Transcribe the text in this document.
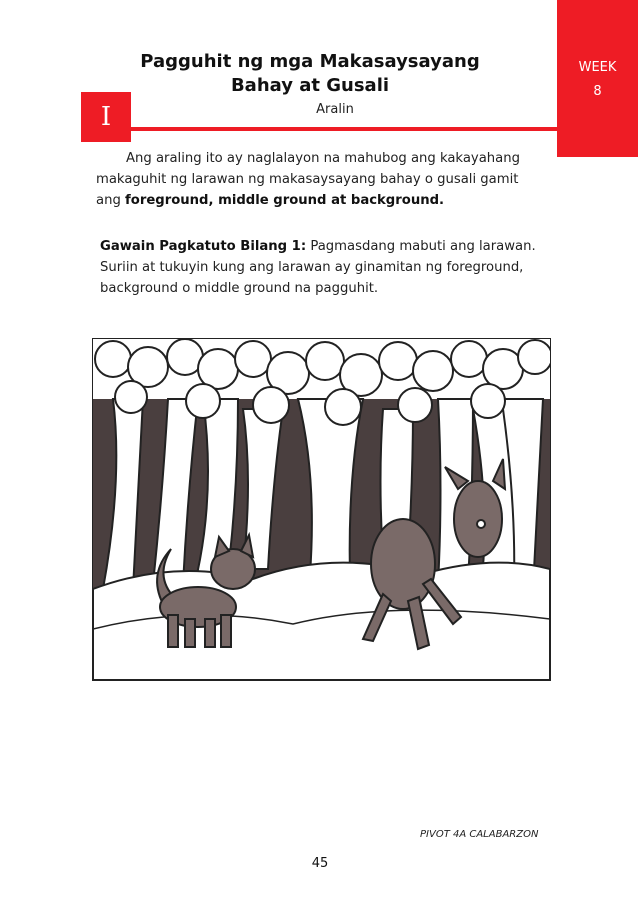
WEEK
8
Pagguhit ng mga Makasaysayang
Bahay at Gusali
Aralin
I
Ang araling ito ay naglalayon na mahubog ang kakayahang makaguhit ng larawan ng makasaysayang bahay o gusali gamit ang foreground, middle ground at background.
Gawain Pagkatuto Bilang 1: Pagmasdang mabuti ang larawan. Suriin at tukuyin kung ang larawan ay ginamitan ng foreground, background o middle ground na pagguhit.
PIVOT 4A CALABARZON
45
